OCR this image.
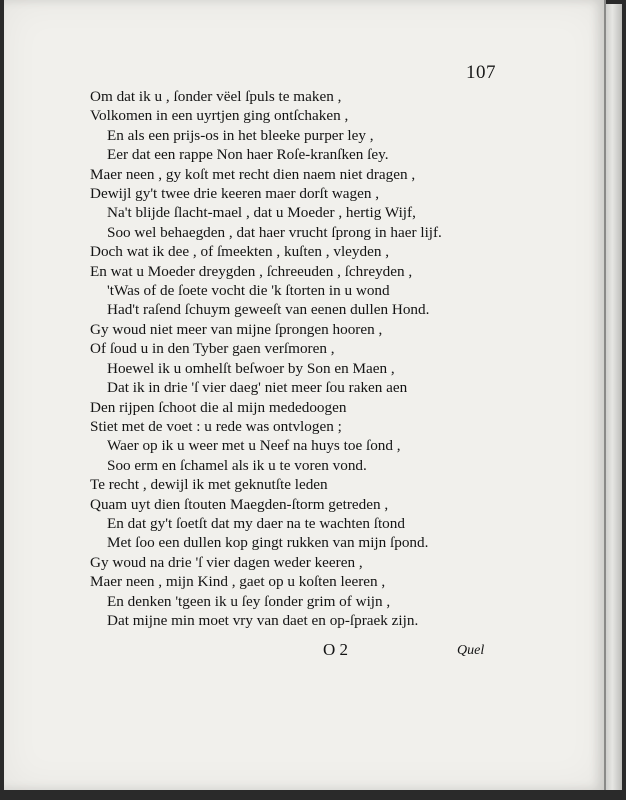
107
Om dat ik u , ſonder vëel ſpuls te maken ,
Volkomen in een uyrtjen ging ontſchaken ,
En als een prijs-os in het bleeke purper ley ,
Eer dat een rappe Non haer Roſe-kranſken ſey.
Maer neen , gy koſt met recht dien naem niet dragen ,
Dewijl gy't twee drie keeren maer dorſt wagen ,
Na't blijde ſlacht-mael , dat u Moeder , hertig Wijf,
Soo wel behaegden , dat haer vrucht ſprong in haer lijf.
Doch wat ik dee , of ſmeekten , kuſten , vleyden ,
En wat u Moeder dreygden , ſchreeuden , ſchreyden ,
'tWas of de ſoete vocht die 'k ſtorten in u wond
Had't raſend ſchuym geweeſt van eenen dullen Hond.
Gy woud niet meer van mijne ſprongen hooren ,
Of ſoud u in den Tyber gaen verſmoren ,
Hoewel ik u omhelſt beſwoer by Son en Maen ,
Dat ik in drie 'ſ vier daeg' niet meer ſou raken aen
Den rijpen ſchoot die al mijn mededoogen
Stiet met de voet : u rede was ontvlogen ;
Waer op ik u weer met u Neef na huys toe ſond ,
Soo erm en ſchamel als ik u te voren vond.
Te recht , dewijl ik met geknutſte leden
Quam uyt dien ſtouten Maegden-ſtorm getreden ,
En dat gy't ſoetſt dat my daer na te wachten ſtond
Met ſoo een dullen kop gingt rukken van mijn ſpond.
Gy woud na drie 'ſ vier dagen weder keeren ,
Maer neen , mijn Kind , gaet op u koſten leeren ,
En denken 'tgeen ik u ſey ſonder grim of wijn ,
Dat mijne min moet vry van daet en op-ſpraek zijn.
O 2	Quel
